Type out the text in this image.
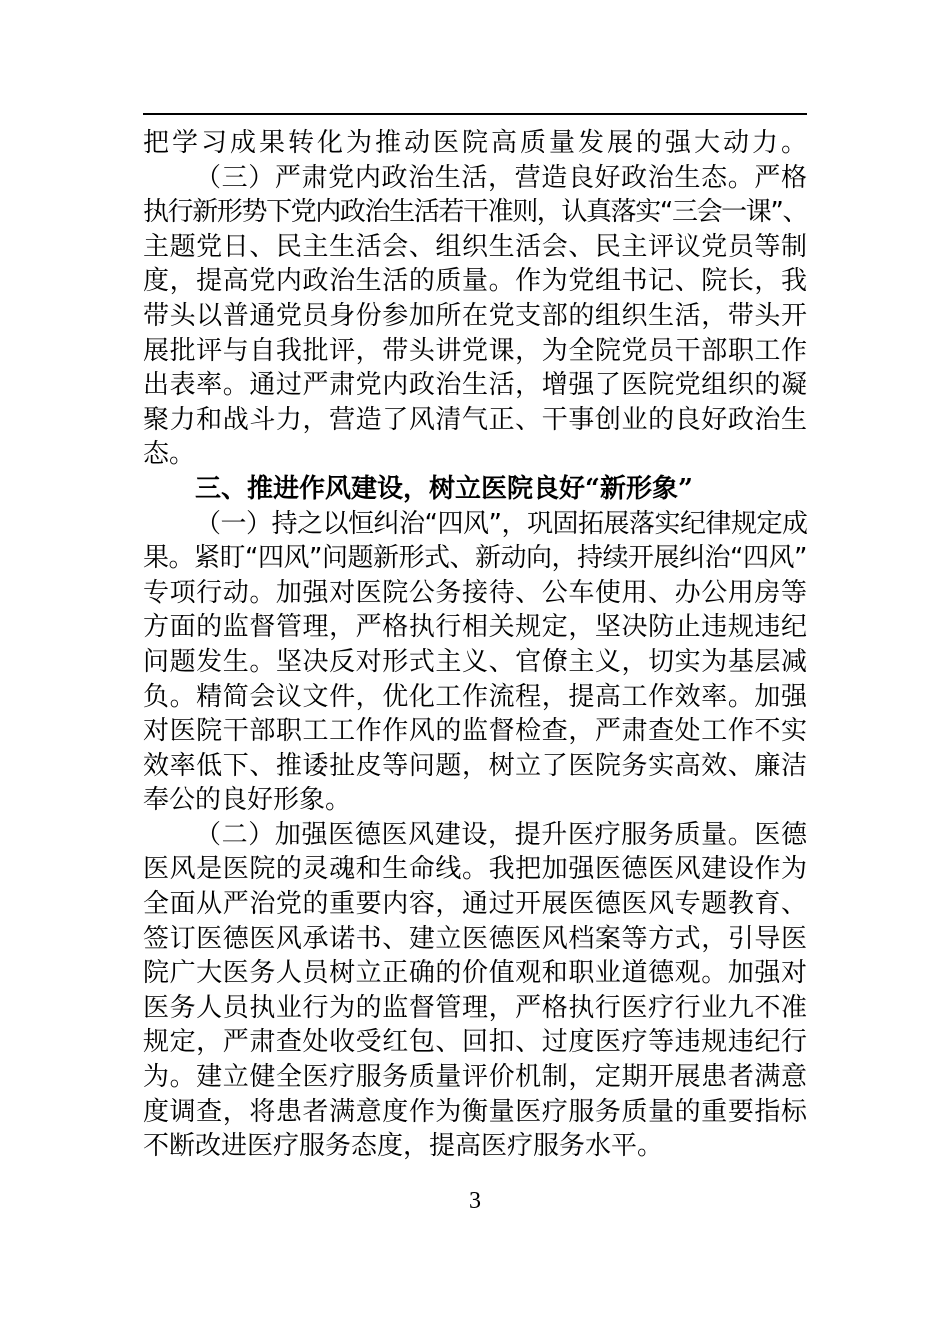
把学习成果转化为推动医院高质量发展的强大动力。
（三）严肃党内政治生活，营造良好政治生态。严格
执行新形势下党内政治生活若干准则，认真落实“三会一课”、
主题党日、民主生活会、组织生活会、民主评议党员等制
度，提高党内政治生活的质量。作为党组书记、院长，我
带头以普通党员身份参加所在党支部的组织生活，带头开
展批评与自我批评，带头讲党课，为全院党员干部职工作
出表率。通过严肃党内政治生活，增强了医院党组织的凝
聚力和战斗力，营造了风清气正、干事创业的良好政治生
态。
三、推进作风建设，树立医院良好“新形象”
（一）持之以恒纠治“四风”，巩固拓展落实纪律规定成
果。紧盯“四风”问题新形式、新动向，持续开展纠治“四风”
专项行动。加强对医院公务接待、公车使用、办公用房等
方面的监督管理，严格执行相关规定，坚决防止违规违纪
问题发生。坚决反对形式主义、官僚主义，切实为基层减
负。精简会议文件，优化工作流程，提高工作效率。加强
对医院干部职工工作作风的监督检查，严肃查处工作不实
效率低下、推诿扯皮等问题，树立了医院务实高效、廉洁
奉公的良好形象。
（二）加强医德医风建设，提升医疗服务质量。医德
医风是医院的灵魂和生命线。我把加强医德医风建设作为
全面从严治党的重要内容，通过开展医德医风专题教育、
签订医德医风承诺书、建立医德医风档案等方式，引导医
院广大医务人员树立正确的价值观和职业道德观。加强对
医务人员执业行为的监督管理，严格执行医疗行业九不准
规定，严肃查处收受红包、回扣、过度医疗等违规违纪行
为。建立健全医疗服务质量评价机制，定期开展患者满意
度调查，将患者满意度作为衡量医疗服务质量的重要指标
不断改进医疗服务态度，提高医疗服务水平。
3
